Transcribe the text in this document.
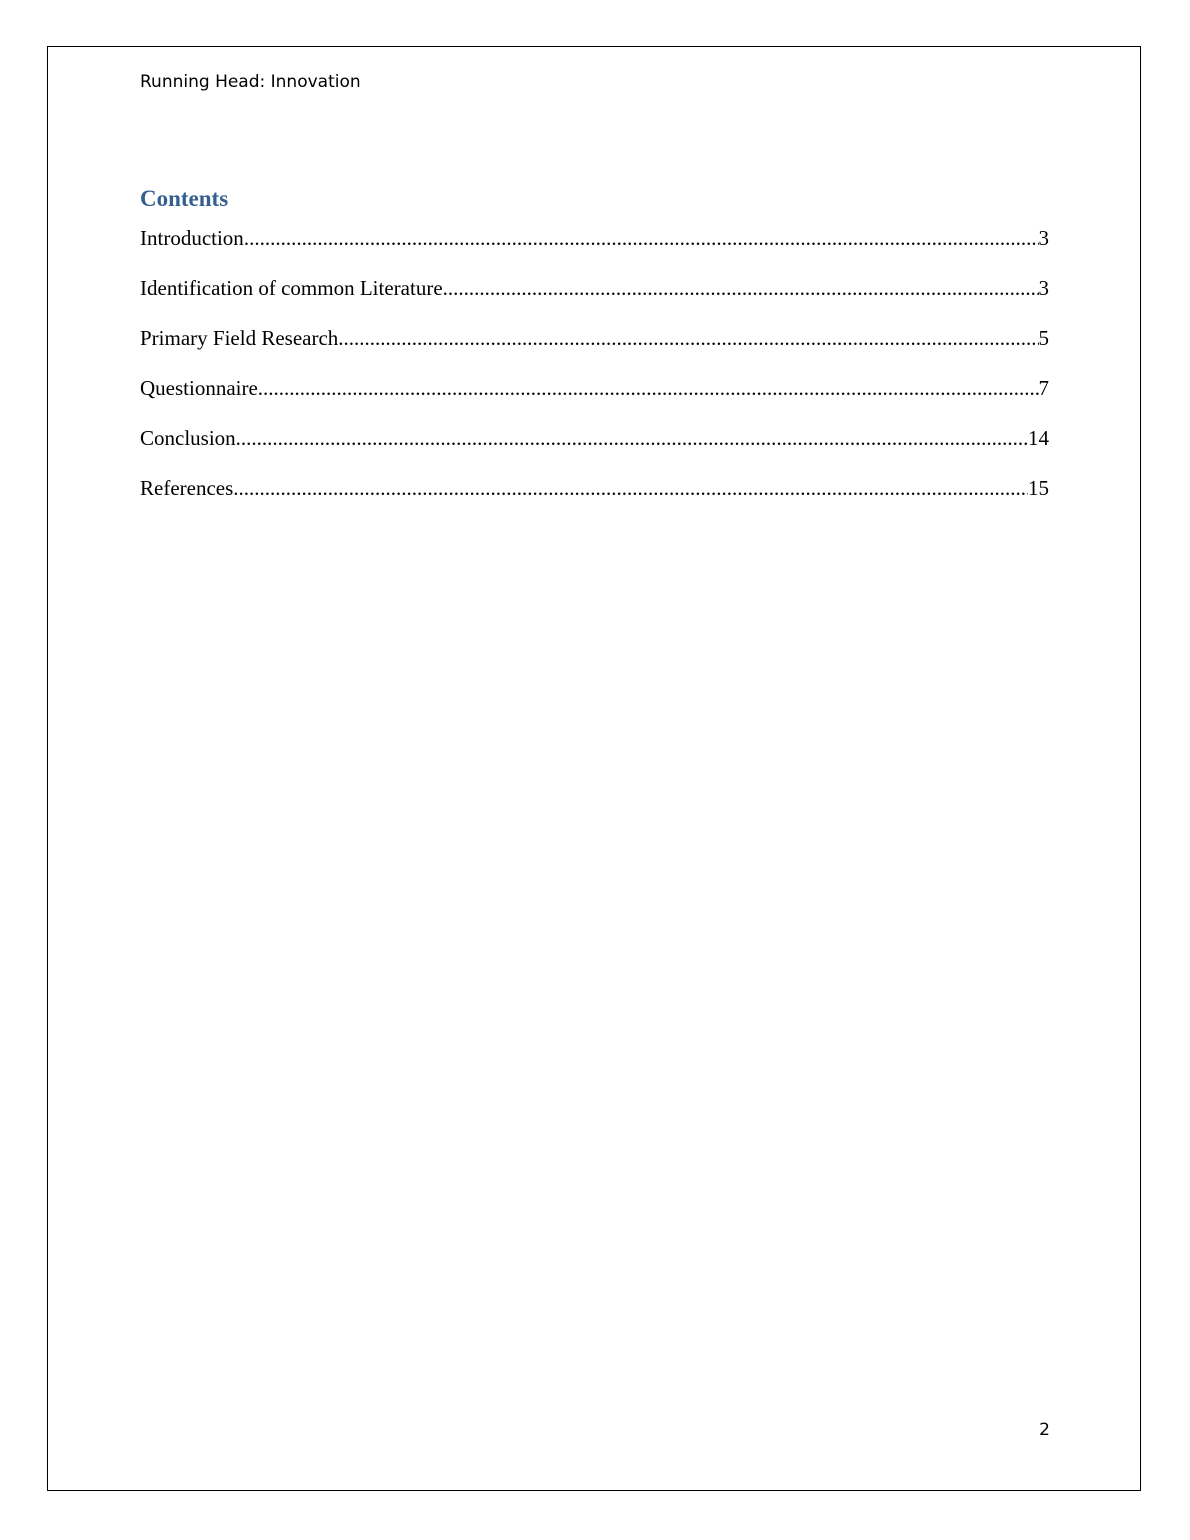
Running Head: Innovation
Contents
Introduction .....	3
Identification of common Literature .....	3
Primary Field Research .....	5
Questionnaire .....	7
Conclusion .....	14
References .....	15
2
